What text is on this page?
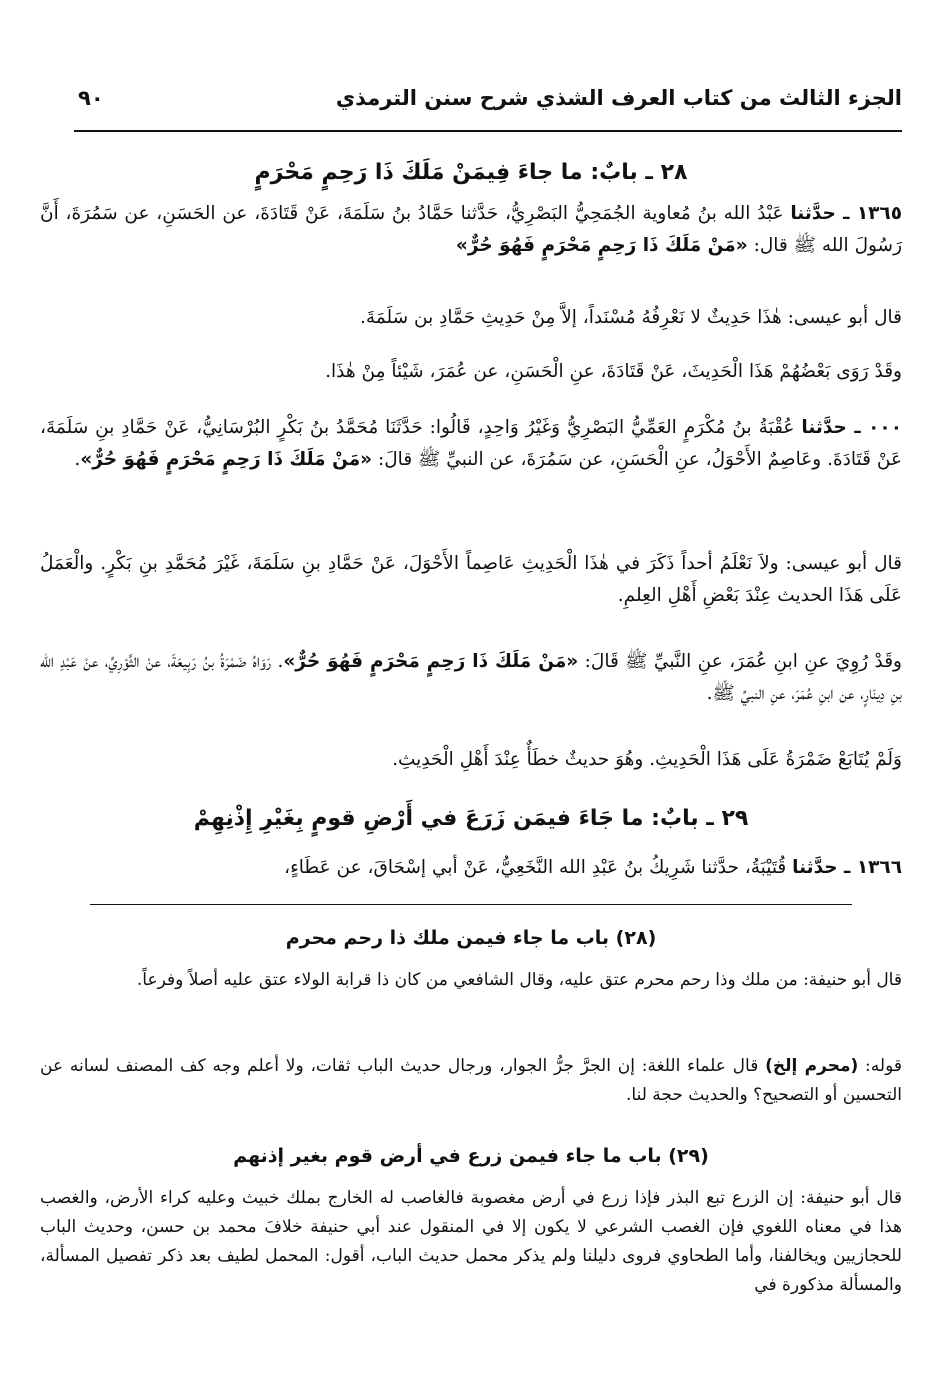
الجزء الثالث من كتاب العرف الشذي شرح سنن الترمذي
٩٠
٢٨ ـ بابٌ: ما جاءَ فِيمَنْ مَلَكَ ذَا رَحِمٍ مَحْرَمٍ
١٣٦٥ ـ حدَّثنا عَبْدُ الله بنُ مُعاوية الجُمَحِيُّ البَصْرِيُّ، حَدَّثنا حَمَّادُ بنُ سَلَمَةَ، عَنْ قَتَادَةَ، عن الحَسَنِ، عن سَمُرَةَ، أَنَّ رَسُولَ الله ﷺ قال: «مَنْ مَلَكَ ذَا رَحِمٍ مَحْرَمٍ فَهُوَ حُرٌّ»
قال أبو عيسى: هٰذَا حَدِيثٌ لا نَعْرِفُهُ مُسْنَداً، إلاَّ مِنْ حَدِيثِ حَمَّادِ بن سَلَمَةَ.
وقَدْ رَوَى بَعْضُهُمْ هَذَا الْحَدِيثَ، عَنْ قَتَادَةَ، عنِ الْحَسَنِ، عن عُمَرَ، شَيْئاً مِنْ هٰذَا.
٠٠٠ ـ حدَّثنا عُقْبَةُ بنُ مُكْرَمٍ العَمِّيُّ البَصْرِيُّ وَغَيْرُ وَاحِدٍ، قَالُوا: حَدَّثَنَا مُحَمَّدُ بنُ بَكْرٍ البُرْسَانِيُّ، عَنْ حَمَّادِ بنِ سَلَمَةَ، عَنْ قَتَادَةَ. وعَاصِمٌ الأَحْوَلُ، عنِ الْحَسَنِ، عن سَمُرَةَ، عن النبيِّ ﷺ قالَ: «مَنْ مَلَكَ ذَا رَحِمٍ مَحْرَمٍ فَهُوَ حُرٌّ».
قال أبو عيسى: ولاَ نَعْلَمُ أحداً ذَكَرَ في هٰذَا الْحَدِيثِ عَاصِماً الأَحْوَلَ، عَنْ حَمَّادِ بنِ سَلَمَةَ، غَيْرَ مُحَمَّدِ بنِ بَكْرٍ. والْعَمَلُ عَلَى هَذَا الحديث عِنْدَ بَعْضِ أَهْلِ العِلمِ.
وقَدْ رُوِيَ عنِ ابنِ عُمَرَ، عنِ النَّبيِّ ﷺ قَالَ: «مَنْ مَلَكَ ذَا رَحِمٍ مَحْرَمٍ فَهُوَ حُرٌّ». رَوَاهُ ضَمْرَةُ بنُ رَبِيعَةَ، عنْ الثَّوْرِيِّ، عنْ عَبْدِ الله بنِ دِينَارٍ، عن ابنِ عُمَرَ، عنِ النبيِّ ﷺ.
وَلَمْ يُتَابَعْ ضَمْرَةُ عَلَى هَذَا الْحَدِيثِ. وهُوَ حديثٌ خطَأٌ عِنْدَ أَهْلِ الْحَدِيثِ.
٢٩ ـ بابٌ: ما جَاءَ فيمَن زَرَعَ في أَرْضِ قومٍ بِغَيْرِ إِذْنِهِمْ
١٣٦٦ ـ حدَّثنا قُتَيْبَةُ، حدَّثنا شَرِيكُ بنُ عَبْدِ الله النَّخَعِيُّ، عَنْ أبي إسْحَاقَ، عن عَطَاءٍ،
(٢٨) باب ما جاء فيمن ملك ذا رحم محرم
قال أبو حنيفة: من ملك وذا رحم محرم عتق عليه، وقال الشافعي من كان ذا قرابة الولاء عتق عليه أصلاً وفرعاً.
قوله: (محرم إلخ) قال علماء اللغة: إن الجرَّ جرُّ الجوار، ورجال حديث الباب ثقات، ولا أعلم وجه كف المصنف لسانه عن التحسين أو التصحيح؟ والحديث حجة لنا.
(٢٩) باب ما جاء فيمن زرع في أرض قوم بغير إذنهم
قال أبو حنيفة: إن الزرع تبع البذر فإذا زرع في أرض مغصوبة فالغاصب له الخارج بملك خبيث وعليه كراء الأرض، والغصب هذا في معناه اللغوي فإن الغصب الشرعي لا يكون إلا في المنقول عند أبي حنيفة خلافَ محمد بن حسن، وحديث الباب للحجازيين ويخالفنا، وأما الطحاوي فروى دليلنا ولم يذكر محمل حديث الباب، أقول: المحمل لطيف بعد ذكر تفصيل المسألة، والمسألة مذكورة في
